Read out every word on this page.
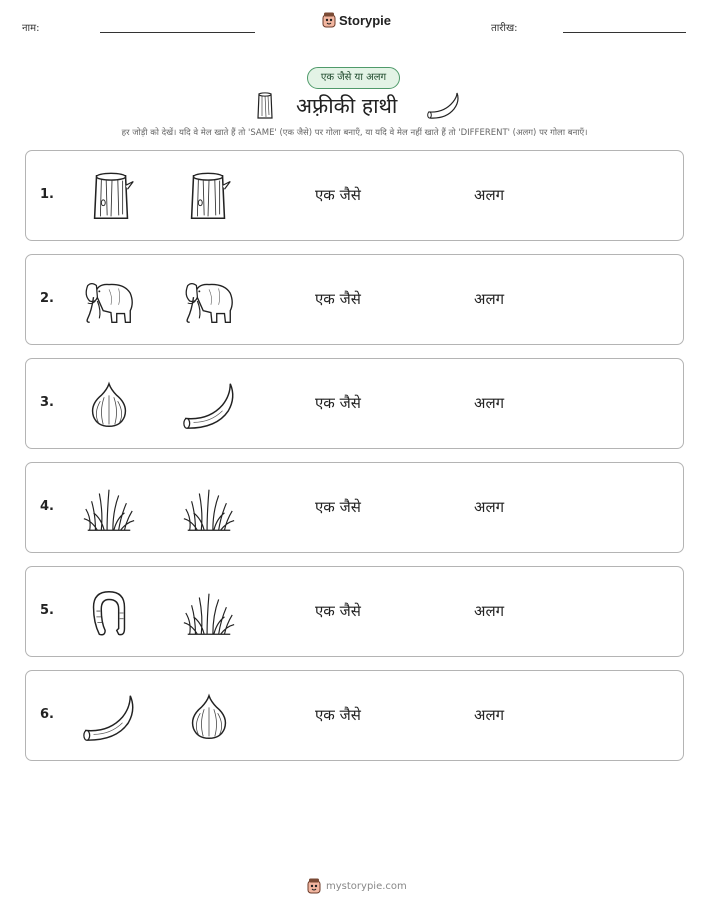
नाम:
Storypie
तारीख:
एक जैसे या अलग
अफ़्रीकी हाथी
हर जोड़ी को देखें। यदि वे मेल खाते हैं तो 'SAME' (एक जैसे) पर गोला बनाएँ, या यदि वे मेल नहीं खाते हैं तो 'DIFFERENT' (अलग) पर गोला बनाएँ।
1.	एक जैसे	अलग
2.	एक जैसे	अलग
3.	एक जैसे	अलग
4.	एक जैसे	अलग
5.	एक जैसे	अलग
6.	एक जैसे	अलग
mystorypie.com
